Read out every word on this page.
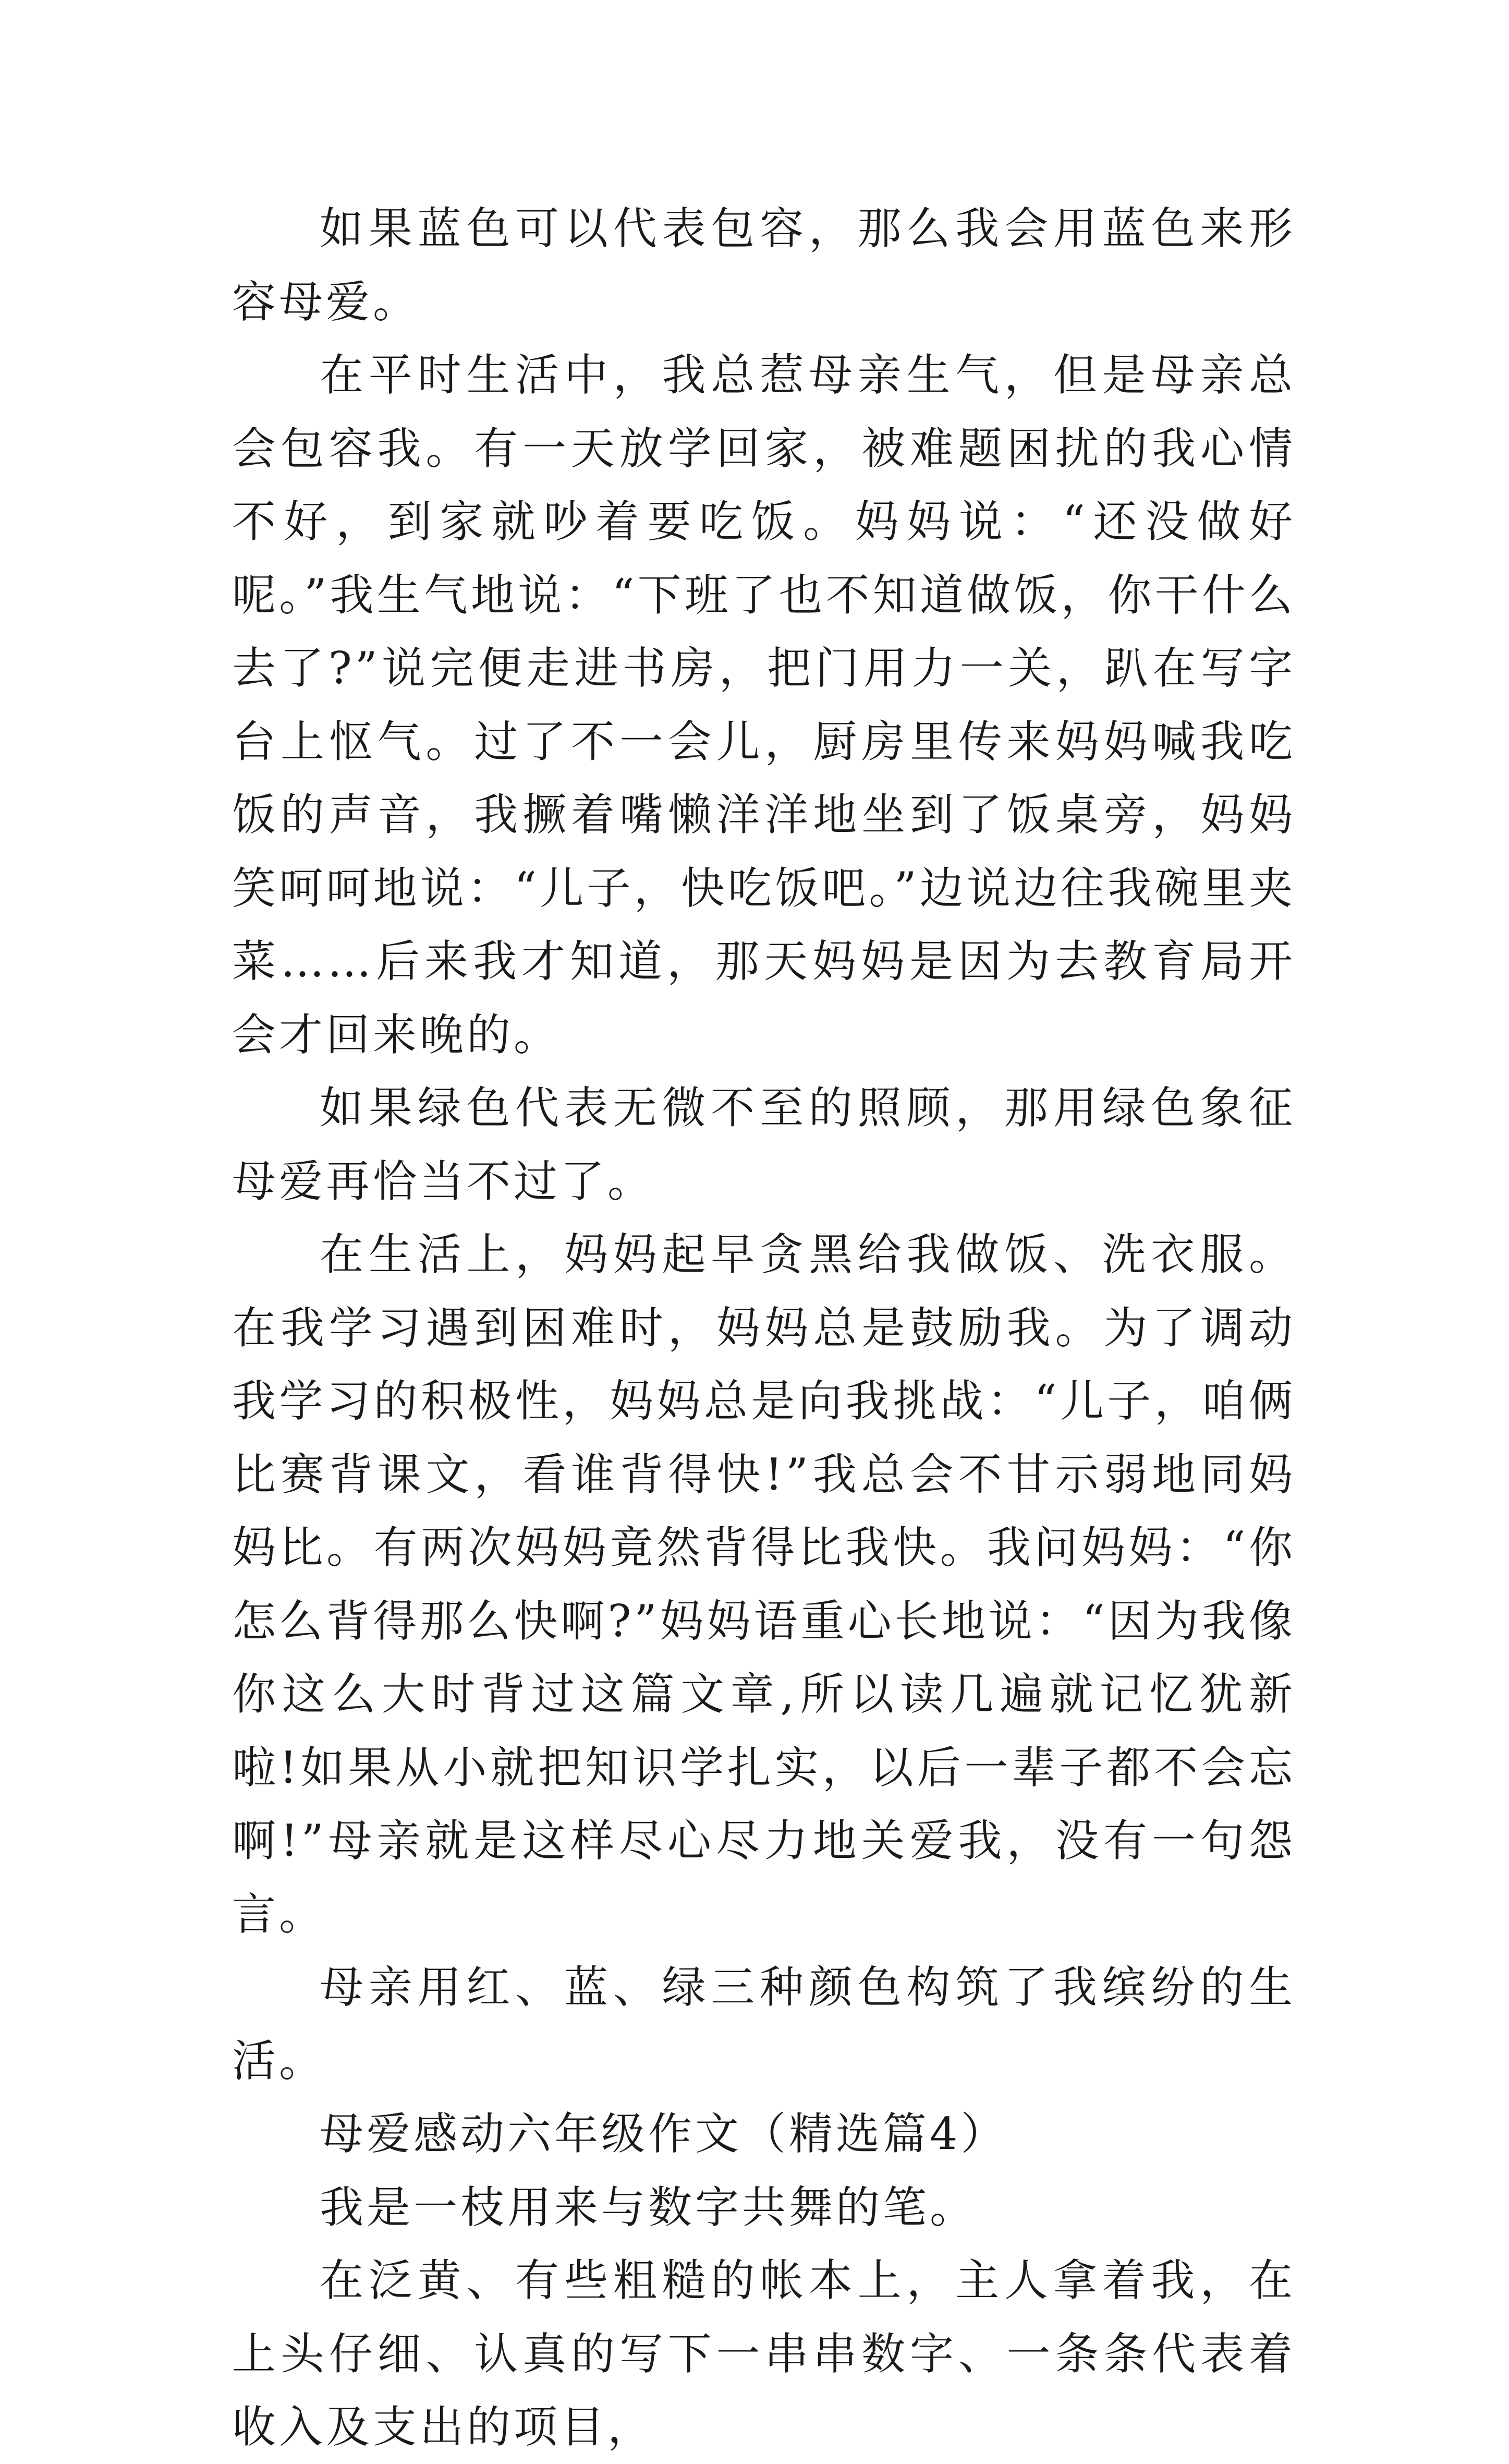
如果蓝色可以代表包容，那么我会用蓝色来形容母爱。

在平时生活中，我总惹母亲生气，但是母亲总会包容我。有一天放学回家，被难题困扰的我心情不好，到家就吵着要吃饭。妈妈说：“还没做好呢。”我生气地说：“下班了也不知道做饭，你干什么去了?”说完便走进书房，把门用力一关，趴在写字台上怄气。过了不一会儿，厨房里传来妈妈喊我吃饭的声音，我撅着嘴懒洋洋地坐到了饭桌旁，妈妈笑呵呵地说：“儿子，快吃饭吧。”边说边往我碗里夹菜……后来我才知道，那天妈妈是因为去教育局开会才回来晚的。

如果绿色代表无微不至的照顾，那用绿色象征母爱再恰当不过了。

在生活上，妈妈起早贪黑给我做饭、洗衣服。在我学习遇到困难时，妈妈总是鼓励我。为了调动我学习的积极性，妈妈总是向我挑战：“儿子，咱俩比赛背课文，看谁背得快!”我总会不甘示弱地同妈妈比。有两次妈妈竟然背得比我快。我问妈妈：“你怎么背得那么快啊?”妈妈语重心长地说：“因为我像你这么大时背过这篇文章,所以读几遍就记忆犹新啦!如果从小就把知识学扎实，以后一辈子都不会忘啊!”母亲就是这样尽心尽力地关爱我，没有一句怨言。

母亲用红、蓝、绿三种颜色构筑了我缤纷的生活。

母爱感动六年级作文（精选篇4）

我是一枝用来与数字共舞的笔。

在泛黄、有些粗糙的帐本上，主人拿着我，在上头仔细、认真的写下一串串数字、一条条代表着收入及支出的项目，
